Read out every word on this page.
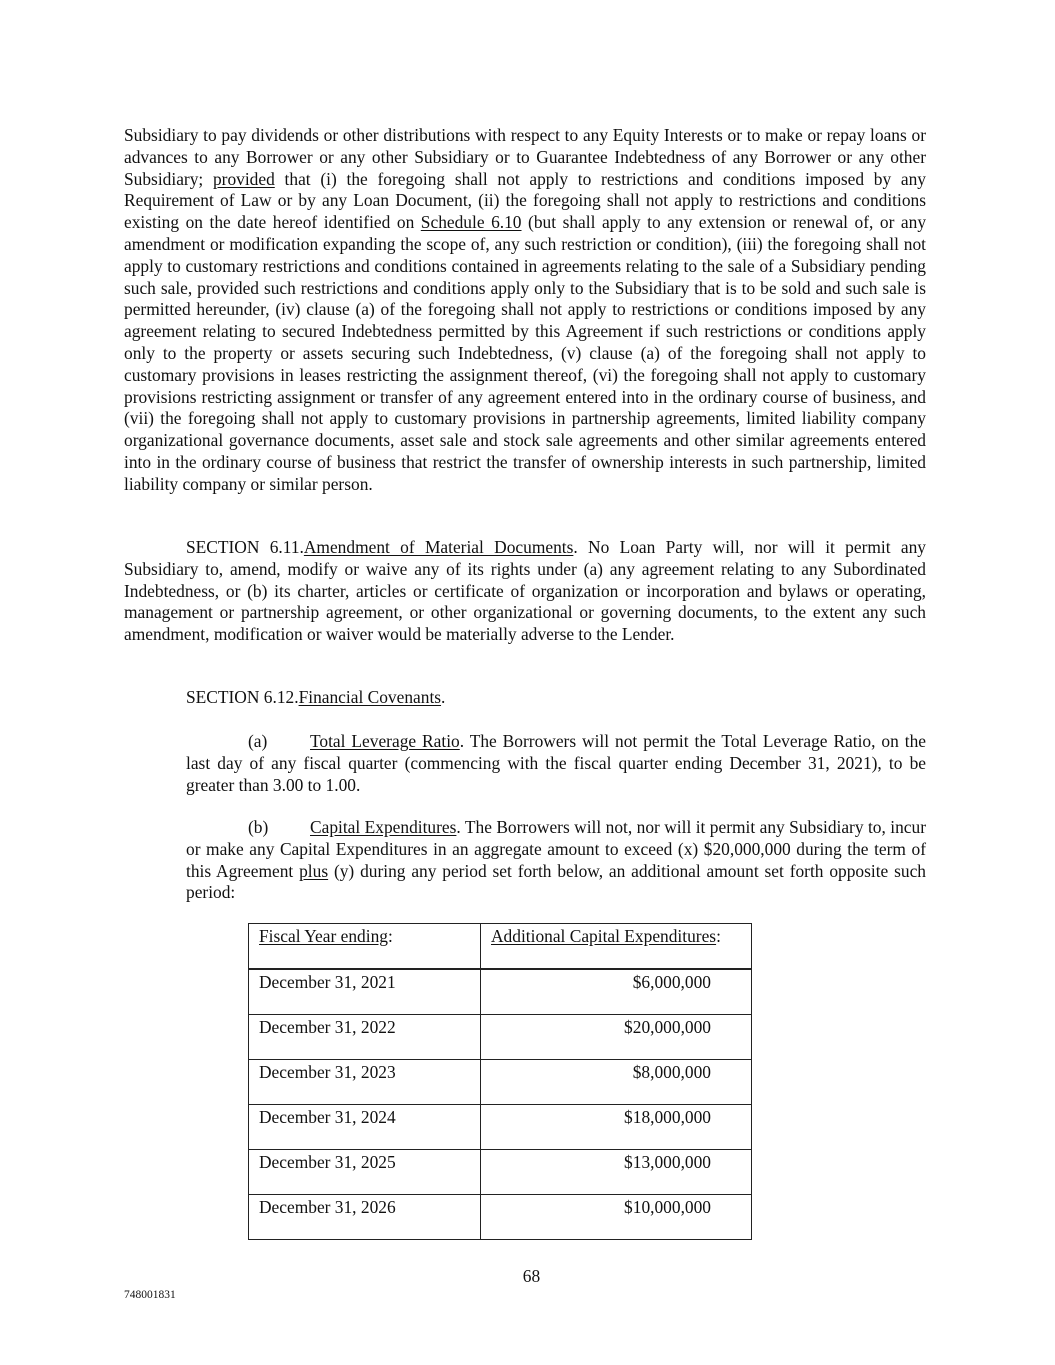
Subsidiary to pay dividends or other distributions with respect to any Equity Interests or to make or repay loans or advances to any Borrower or any other Subsidiary or to Guarantee Indebtedness of any Borrower or any other Subsidiary; provided that (i) the foregoing shall not apply to restrictions and conditions imposed by any Requirement of Law or by any Loan Document, (ii) the foregoing shall not apply to restrictions and conditions existing on the date hereof identified on Schedule 6.10 (but shall apply to any extension or renewal of, or any amendment or modification expanding the scope of, any such restriction or condition), (iii) the foregoing shall not apply to customary restrictions and conditions contained in agreements relating to the sale of a Subsidiary pending such sale, provided such restrictions and conditions apply only to the Subsidiary that is to be sold and such sale is permitted hereunder, (iv) clause (a) of the foregoing shall not apply to restrictions or conditions imposed by any agreement relating to secured Indebtedness permitted by this Agreement if such restrictions or conditions apply only to the property or assets securing such Indebtedness, (v) clause (a) of the foregoing shall not apply to customary provisions in leases restricting the assignment thereof, (vi) the foregoing shall not apply to customary provisions restricting assignment or transfer of any agreement entered into in the ordinary course of business, and (vii) the foregoing shall not apply to customary provisions in partnership agreements, limited liability company organizational governance documents, asset sale and stock sale agreements and other similar agreements entered into in the ordinary course of business that restrict the transfer of ownership interests in such partnership, limited liability company or similar person.

SECTION 6.11.Amendment of Material Documents. No Loan Party will, nor will it permit any Subsidiary to, amend, modify or waive any of its rights under (a) any agreement relating to any Subordinated Indebtedness, or (b) its charter, articles or certificate of organization or incorporation and bylaws or operating, management or partnership agreement, or other organizational or governing documents, to the extent any such amendment, modification or waiver would be materially adverse to the Lender.

SECTION 6.12.Financial Covenants.

(a) Total Leverage Ratio. The Borrowers will not permit the Total Leverage Ratio, on the last day of any fiscal quarter (commencing with the fiscal quarter ending December 31, 2021), to be greater than 3.00 to 1.00.

(b) Capital Expenditures. The Borrowers will not, nor will it permit any Subsidiary to, incur or make any Capital Expenditures in an aggregate amount to exceed (x) $20,000,000 during the term of this Agreement plus (y) during any period set forth below, an additional amount set forth opposite such period:

Fiscal Year ending:	Additional Capital Expenditures:
December 31, 2021	$6,000,000
December 31, 2022	$20,000,000
December 31, 2023	$8,000,000
December 31, 2024	$18,000,000
December 31, 2025	$13,000,000
December 31, 2026	$10,000,000
68
748001831
